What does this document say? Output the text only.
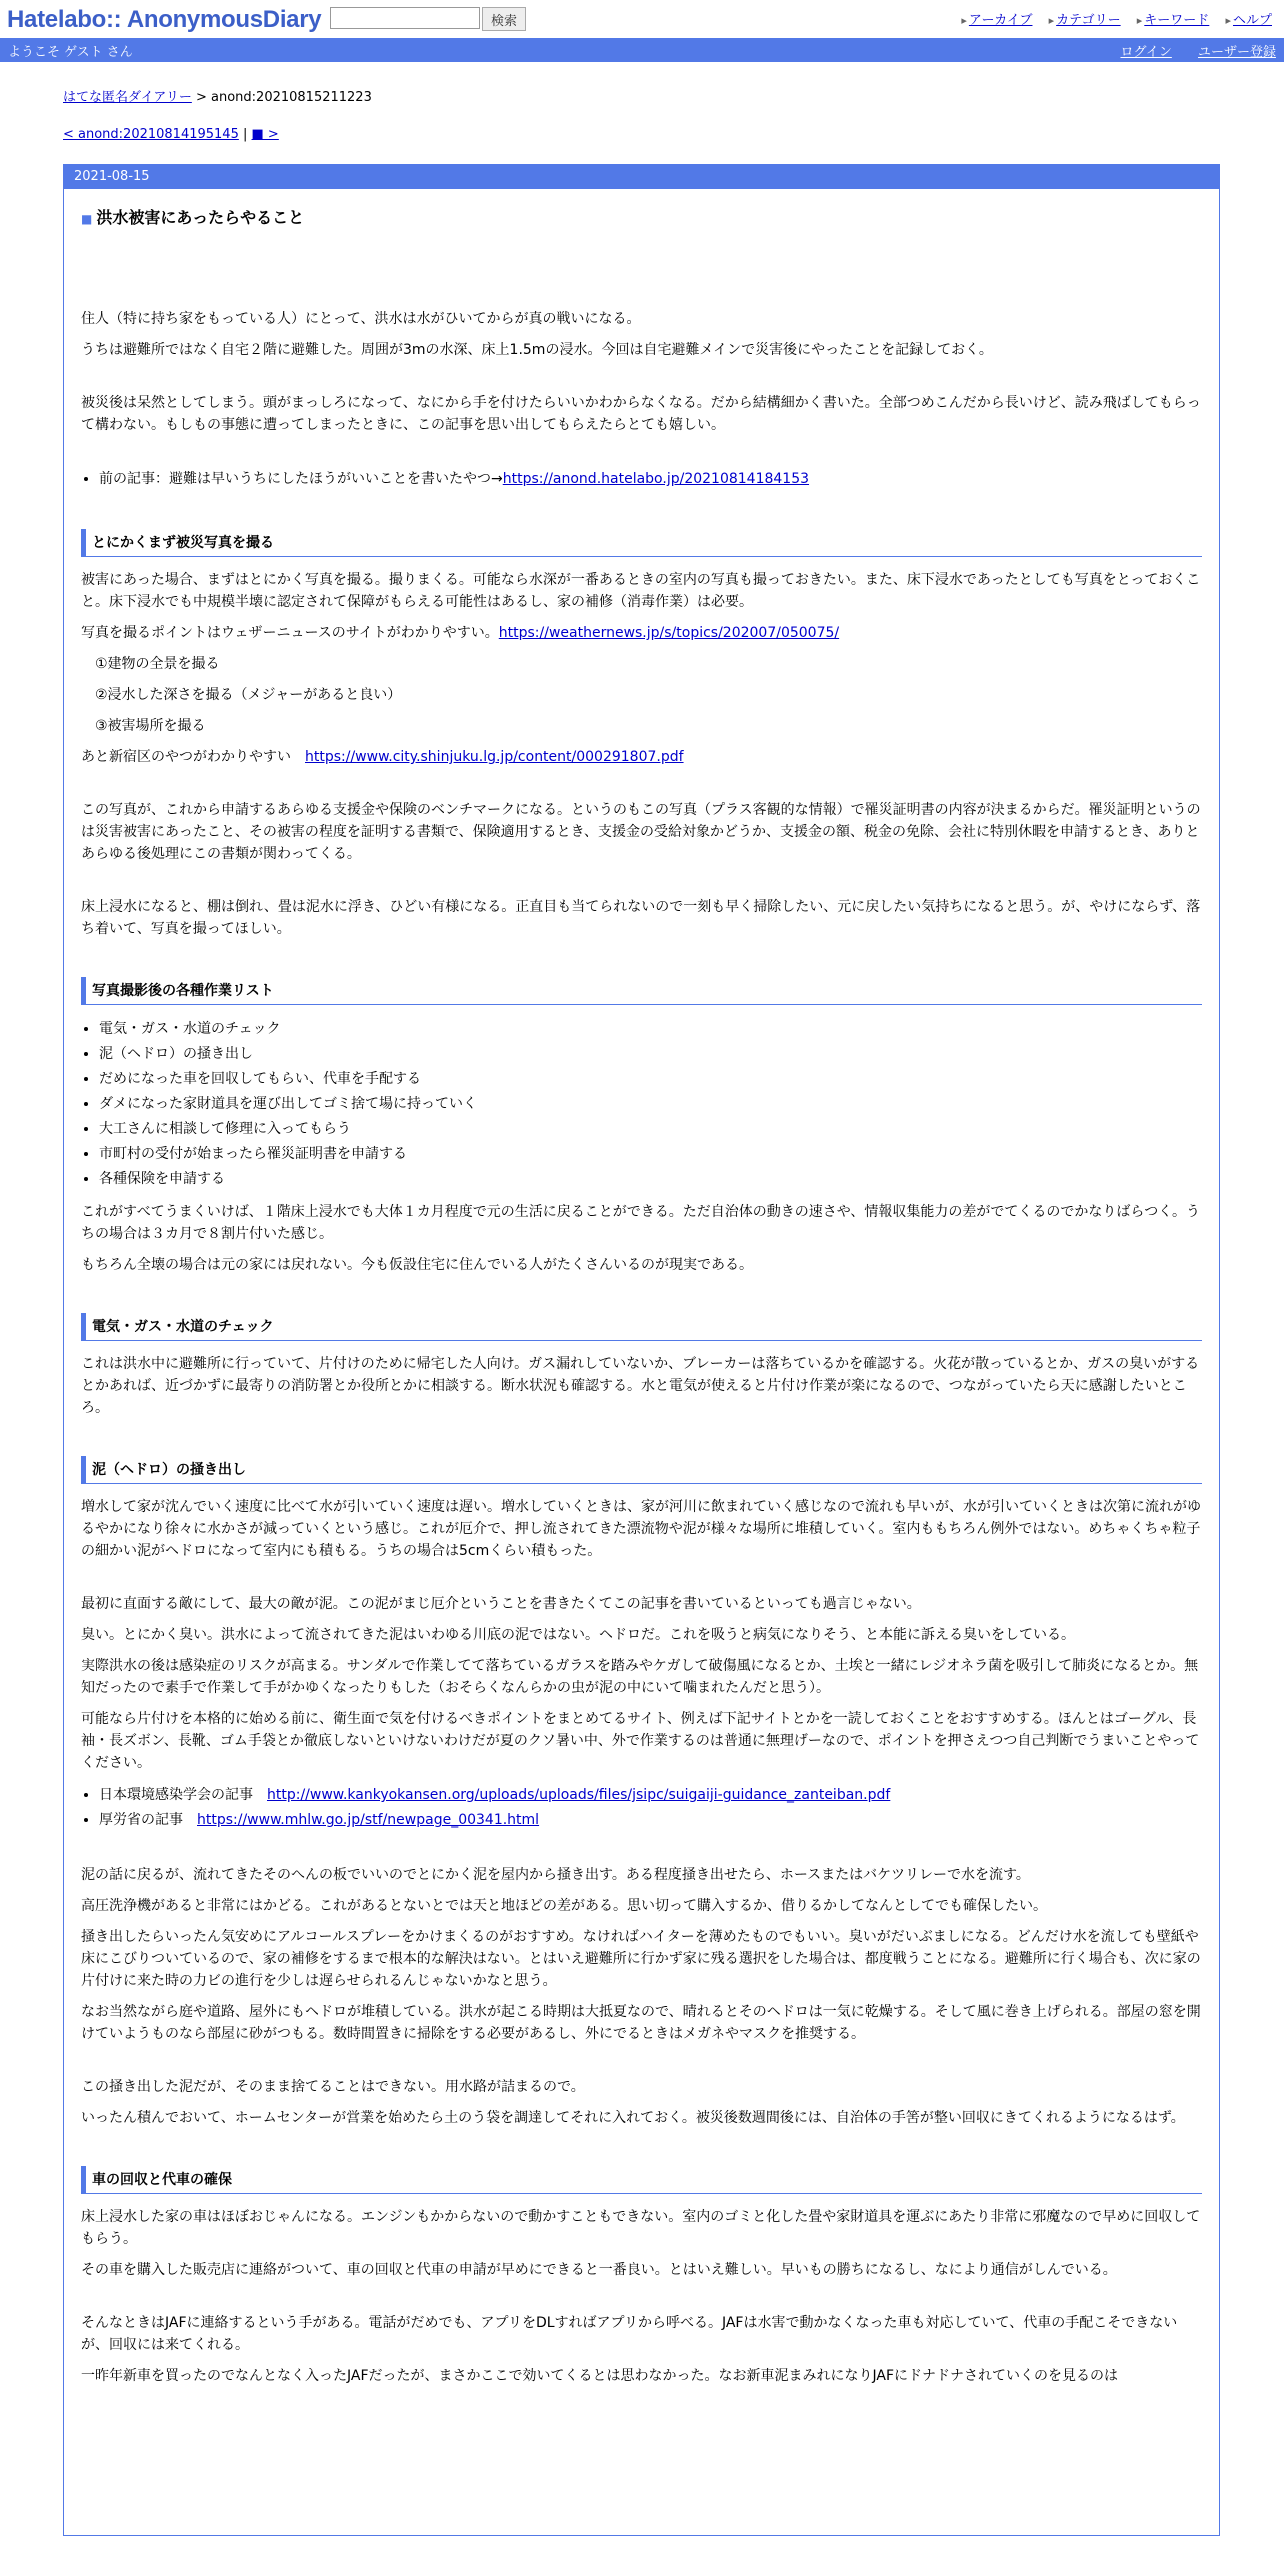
Hatelabo:: AnonymousDiary	検索	▸ アーカイブ ▸ カテゴリー ▸ キーワード ▸ ヘルプ
ようこそ ゲスト さん	ログイン ユーザー登録
はてな匿名ダイアリー > anond:20210815211223
< anond:20210814195145 | ■ >
2021-08-15
■ 洪水被害にあったらやること

住人（特に持ち家をもっている人）にとって、洪水は水がひいてからが真の戦いになる。

うちは避難所ではなく自宅２階に避難した。周囲が3mの水深、床上1.5mの浸水。今回は自宅避難メインで災害後にやったことを記録しておく。

被災後は呆然としてしまう。頭がまっしろになって、なにから手を付けたらいいかわからなくなる。だから結構細かく書いた。全部つめこんだから長いけど、読み飛ばしてもらって構わない。もしもの事態に遭ってしまったときに、この記事を思い出してもらえたらとても嬉しい。

• 前の記事：避難は早いうちにしたほうがいいことを書いたやつ→https://anond.hatelabo.jp/20210814184153
とにかくまず被災写真を撮る

被害にあった場合、まずはとにかく写真を撮る。撮りまくる。可能なら水深が一番あるときの室内の写真も撮っておきたい。また、床下浸水であったとしても写真をとっておくこと。床下浸水でも中規模半壊に認定されて保障がもらえる可能性はあるし、家の補修（消毒作業）は必要。

写真を撮るポイントはウェザーニュースのサイトがわかりやすい。https://weathernews.jp/s/topics/202007/050075/

①建物の全景を撮る

②浸水した深さを撮る（メジャーがあると良い）

③被害場所を撮る

あと新宿区のやつがわかりやすい　https://www.city.shinjuku.lg.jp/content/000291807.pdf

この写真が、これから申請するあらゆる支援金や保険のベンチマークになる。というのもこの写真（プラス客観的な情報）で罹災証明書の内容が決まるからだ。罹災証明というのは災害被害にあったこと、その被害の程度を証明する書類で、保険適用するとき、支援金の受給対象かどうか、支援金の額、税金の免除、会社に特別休暇を申請するとき、ありとあらゆる後処理にこの書類が関わってくる。

床上浸水になると、棚は倒れ、畳は泥水に浮き、ひどい有様になる。正直目も当てられないので一刻も早く掃除したい、元に戻したい気持ちになると思う。が、やけにならず、落ち着いて、写真を撮ってほしい。

写真撮影後の各種作業リスト
• 電気・ガス・水道のチェック
• 泥（ヘドロ）の掻き出し
• だめになった車を回収してもらい、代車を手配する
• ダメになった家財道具を運び出してゴミ捨て場に持っていく
• 大工さんに相談して修理に入ってもらう
• 市町村の受付が始まったら罹災証明書を申請する
• 各種保険を申請する

これがすべてうまくいけば、１階床上浸水でも大体１カ月程度で元の生活に戻ることができる。ただ自治体の動きの速さや、情報収集能力の差がでてくるのでかなりばらつく。うちの場合は３カ月で８割片付いた感じ。

もちろん全壊の場合は元の家には戻れない。今も仮設住宅に住んでいる人がたくさんいるのが現実である。

電気・ガス・水道のチェック

これは洪水中に避難所に行っていて、片付けのために帰宅した人向け。ガス漏れしていないか、ブレーカーは落ちているかを確認する。火花が散っているとか、ガスの臭いがするとかあれば、近づかずに最寄りの消防署とか役所とかに相談する。断水状況も確認する。水と電気が使えると片付け作業が楽になるので、つながっていたら天に感謝したいところ。

泥（ヘドロ）の掻き出し

増水して家が沈んでいく速度に比べて水が引いていく速度は遅い。増水していくときは、家が河川に飲まれていく感じなので流れも早いが、水が引いていくときは次第に流れがゆるやかになり徐々に水かさが減っていくという感じ。これが厄介で、押し流されてきた漂流物や泥が様々な場所に堆積していく。室内ももちろん例外ではない。めちゃくちゃ粒子の細かい泥がヘドロになって室内にも積もる。うちの場合は5cmくらい積もった。

最初に直面する敵にして、最大の敵が泥。この泥がまじ厄介ということを書きたくてこの記事を書いているといっても過言じゃない。

臭い。とにかく臭い。洪水によって流されてきた泥はいわゆる川底の泥ではない。ヘドロだ。これを吸うと病気になりそう、と本能に訴える臭いをしている。

実際洪水の後は感染症のリスクが高まる。サンダルで作業してて落ちているガラスを踏みやケガして破傷風になるとか、土埃と一緒にレジオネラ菌を吸引して肺炎になるとか。無知だったので素手で作業して手がかゆくなったりもした（おそらくなんらかの虫が泥の中にいて噛まれたんだと思う）。

可能なら片付けを本格的に始める前に、衛生面で気を付けるべきポイントをまとめてるサイト、例えば下記サイトとかを一読しておくことをおすすめする。ほんとはゴーグル、長袖・長ズボン、長靴、ゴム手袋とか徹底しないといけないわけだが夏のクソ暑い中、外で作業するのは普通に無理げーなので、ポイントを押さえつつ自己判断でうまいことやってください。

• 日本環境感染学会の記事　http://www.kankyokansen.org/uploads/uploads/files/jsipc/suigaiji-guidance_zanteiban.pdf
• 厚労省の記事　https://www.mhlw.go.jp/stf/newpage_00341.html

泥の話に戻るが、流れてきたそのへんの板でいいのでとにかく泥を屋内から掻き出す。ある程度掻き出せたら、ホースまたはバケツリレーで水を流す。

高圧洗浄機があると非常にはかどる。これがあるとないとでは天と地ほどの差がある。思い切って購入するか、借りるかしてなんとしてでも確保したい。

掻き出したらいったん気安めにアルコールスプレーをかけまくるのがおすすめ。なければハイターを薄めたものでもいい。臭いがだいぶましになる。どんだけ水を流しても壁紙や床にこびりついているので、家の補修をするまで根本的な解決はない。とはいえ避難所に行かず家に残る選択をした場合は、都度戦うことになる。避難所に行く場合も、次に家の片付けに来た時の力ビの進行を少しは遅らせられるんじゃないかなと思う。

なお当然ながら庭や道路、屋外にもヘドロが堆積している。洪水が起こる時期は大抵夏なので、晴れるとそのヘドロは一気に乾燥する。そして風に巻き上げられる。部屋の窓を開けていようものなら部屋に砂がつもる。数時間置きに掃除をする必要があるし、外にでるときはメガネやマスクを推奨する。

この掻き出した泥だが、そのまま捨てることはできない。用水路が詰まるので。

いったん積んでおいて、ホームセンターが営業を始めたら土のう袋を調達してそれに入れておく。被災後数週間後には、自治体の手筈が整い回収にきてくれるようになるはず。

車の回収と代車の確保

床上浸水した家の車はほぼおじゃんになる。エンジンもかからないので動かすこともできない。室内のゴミと化した畳や家財道具を運ぶにあたり非常に邪魔なので早めに回収してもらう。

その車を購入した販売店に連絡がついて、車の回収と代車の申請が早めにできると一番良い。とはいえ難しい。早いもの勝ちになるし、なにより通信がしんでいる。

そんなときはJAFに連絡するという手がある。電話がだめでも、アプリをDLすればアプリから呼べる。JAFは水害で動かなくなった車も対応していて、代車の手配こそできないが、回収には来てくれる。

一昨年新車を買ったのでなんとなく入ったJAFだったが、まさかここで効いてくるとは思わなかった。なお新車泥まみれになりJAFにドナドナされていくのを見るのは
